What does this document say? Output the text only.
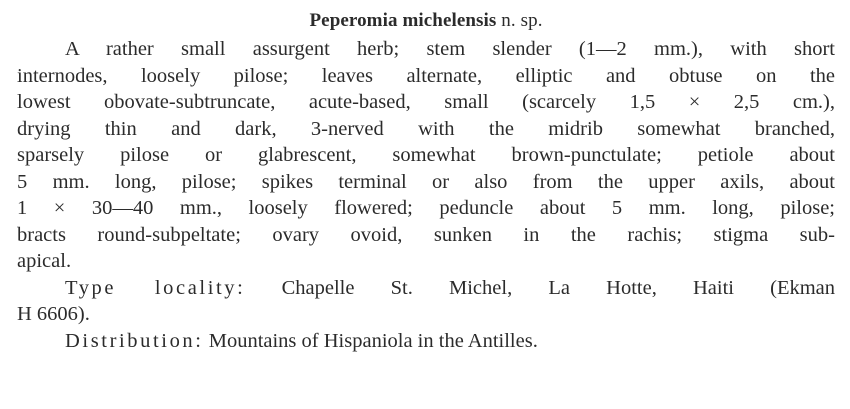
Peperomia michelensis n. sp.
A rather small assurgent herb; stem slender (1—2 mm.), with short
internodes, loosely pilose; leaves alternate, elliptic and obtuse on the
lowest obovate-subtruncate, acute-based, small (scarcely 1,5 × 2,5 cm.),
drying thin and dark, 3-nerved with the midrib somewhat branched,
sparsely pilose or glabrescent, somewhat brown-punctulate; petiole about
5 mm. long, pilose; spikes terminal or also from the upper axils, about
1 × 30—40 mm., loosely flowered; peduncle about 5 mm. long, pilose;
bracts round-subpeltate; ovary ovoid, sunken in the rachis; stigma sub-
apical.
Type locality: Chapelle St. Michel, La Hotte, Haiti (Ekman
H 6606).
Distribution: Mountains of Hispaniola in the Antilles.
